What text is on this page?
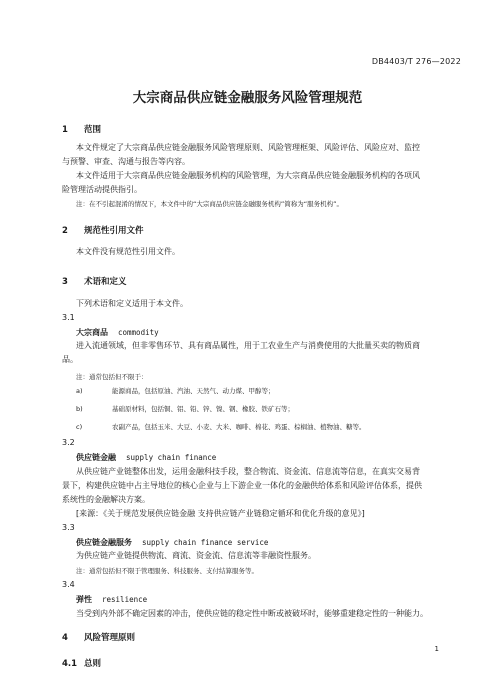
DB4403/T 276—2022
大宗商品供应链金融服务风险管理规范
1 范围
本文件规定了大宗商品供应链金融服务风险管理原则、风险管理框架、风险评估、风险应对、监控
与预警、审查、沟通与报告等内容。
本文件适用于大宗商品供应链金融服务机构的风险管理，为大宗商品供应链金融服务机构的各项风
险管理活动提供指引。
注：在不引起混淆的情况下，本文件中的“大宗商品供应链金融服务机构”简称为“服务机构”。
2 规范性引用文件
本文件没有规范性引用文件。
3 术语和定义
下列术语和定义适用于本文件。
3.1
大宗商品 commodity
进入流通领域，但非零售环节、具有商品属性，用于工农业生产与消费使用的大批量买卖的物质商
品。
注：通常包括但不限于：
a)	能源商品，包括原油、汽油、天然气、动力煤、甲醇等；
b)	基础原材料，包括铜、铝、铅、锌、镍、钢、橡胶、铁矿石等；
c)	农副产品，包括玉米、大豆、小麦、大米、咖啡、棉花、鸡蛋、棕榈油、植物油、糖等。
3.2
供应链金融 supply chain finance
从供应链产业链整体出发，运用金融科技手段，整合物流、资金流、信息流等信息，在真实交易背
景下，构建供应链中占主导地位的核心企业与上下游企业一体化的金融供给体系和风险评估体系，提供
系统性的金融解决方案。
[来源：《关于规范发展供应链金融 支持供应链产业链稳定循环和优化升级的意见》]
3.3
供应链金融服务 supply chain finance service
为供应链产业链提供物流、商流、资金流、信息流等非融资性服务。
注：通常包括但不限于管理服务、科技服务、支付结算服务等。
3.4
弹性 resilience
当受到内外部不确定因素的冲击，使供应链的稳定性中断或被破坏时，能够重建稳定性的一种能力。
4 风险管理原则
4.1 总则
1
